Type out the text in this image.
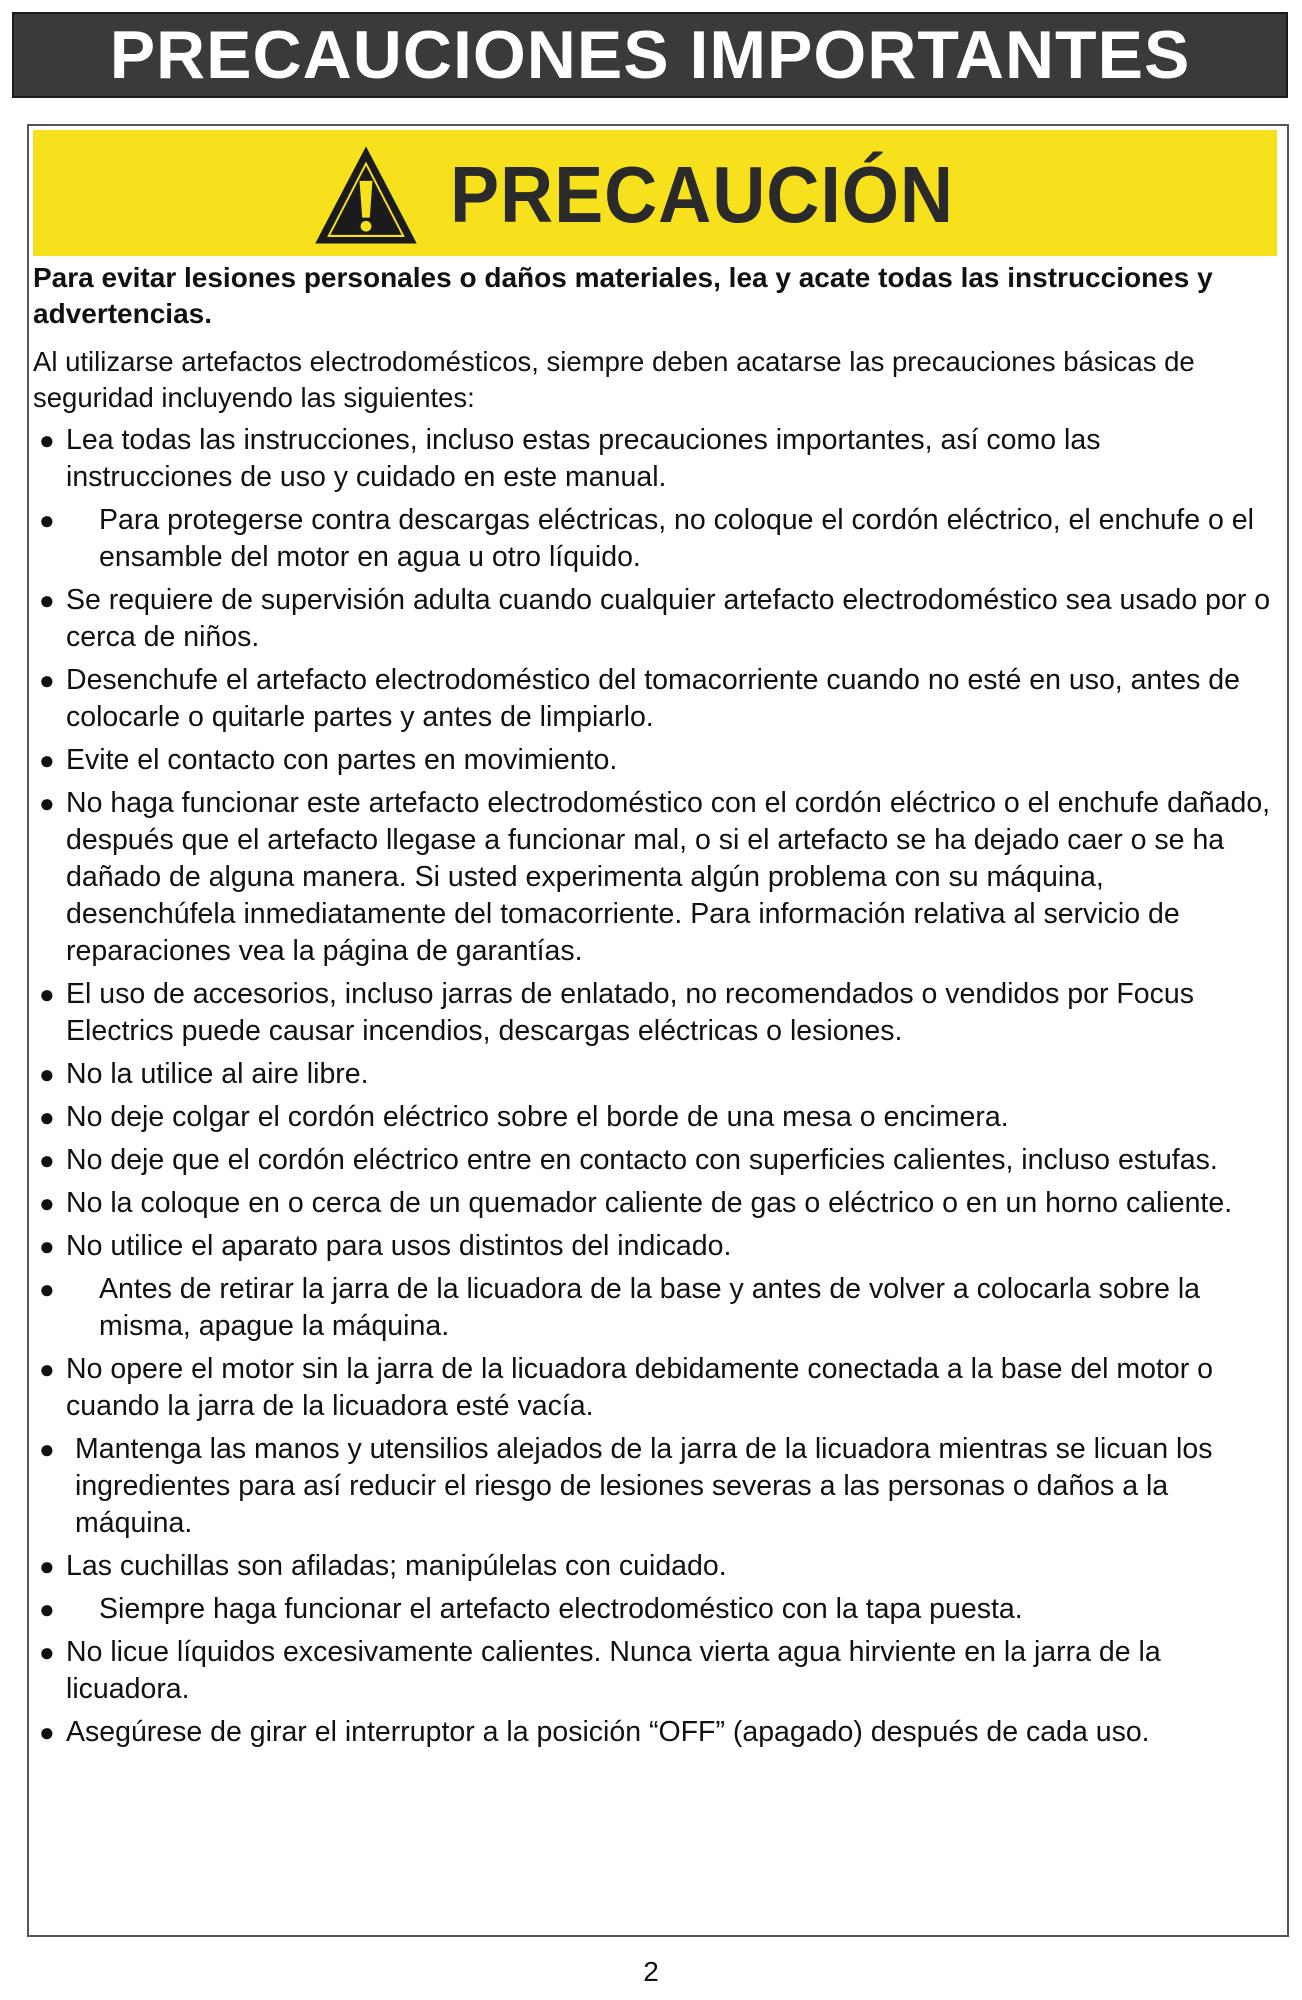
PRECAUCIONES IMPORTANTES
PRECAUCIÓN

Para evitar lesiones personales o daños materiales, lea y acate todas las instrucciones y advertencias.

Al utilizarse artefactos electrodomésticos, siempre deben acatarse las precauciones básicas de seguridad incluyendo las siguientes:

● Lea todas las instrucciones, incluso estas precauciones importantes, así como las instrucciones de uso y cuidado en este manual.
● Para protegerse contra descargas eléctricas, no coloque el cordón eléctrico, el enchufe o el ensamble del motor en agua u otro líquido.
● Se requiere de supervisión adulta cuando cualquier artefacto electrodoméstico sea usado por o cerca de niños.
● Desenchufe el artefacto electrodoméstico del tomacorriente cuando no esté en uso, antes de colocarle o quitarle partes y antes de limpiarlo.
● Evite el contacto con partes en movimiento.
● No haga funcionar este artefacto electrodoméstico con el cordón eléctrico o el enchufe dañado, después que el artefacto llegase a funcionar mal, o si el artefacto se ha dejado caer o se ha dañado de alguna manera. Si usted experimenta algún problema con su máquina, desenchúfela inmediatamente del tomacorriente. Para información relativa al servicio de reparaciones vea la página de garantías.
● El uso de accesorios, incluso jarras de enlatado, no recomendados o vendidos por Focus Electrics puede causar incendios, descargas eléctricas o lesiones.
● No la utilice al aire libre.
● No deje colgar el cordón eléctrico sobre el borde de una mesa o encimera.
● No deje que el cordón eléctrico entre en contacto con superficies calientes, incluso estufas.
● No la coloque en o cerca de un quemador caliente de gas o eléctrico o en un horno caliente.
● No utilice el aparato para usos distintos del indicado.
● Antes de retirar la jarra de la licuadora de la base y antes de volver a colocarla sobre la misma, apague la máquina.
● No opere el motor sin la jarra de la licuadora debidamente conectada a la base del motor o cuando la jarra de la licuadora esté vacía.
● Mantenga las manos y utensilios alejados de la jarra de la licuadora mientras se licuan los ingredientes para así reducir el riesgo de lesiones severas a las personas o daños a la máquina.
● Las cuchillas son afiladas; manipúlelas con cuidado.
● Siempre haga funcionar el artefacto electrodoméstico con la tapa puesta.
● No licue líquidos excesivamente calientes. Nunca vierta agua hirviente en la jarra de la licuadora.
● Asegúrese de girar el interruptor a la posición “OFF” (apagado) después de cada uso.
2
